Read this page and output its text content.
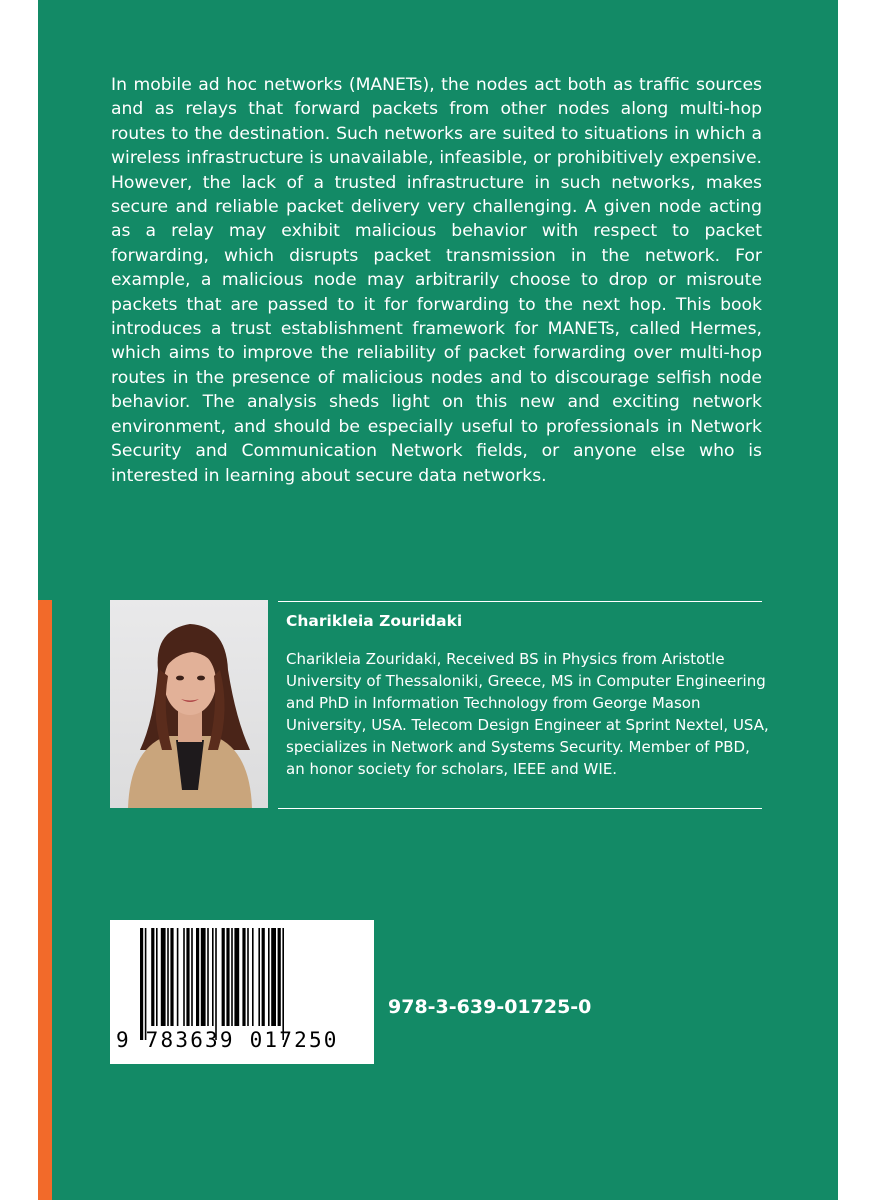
In mobile ad hoc networks (MANETs), the nodes act both as traffic sources and as relays that forward packets from other nodes along multi-hop routes to the destination. Such networks are suited to situations in which a wireless infrastructure is unavailable, infeasible, or prohibitively expensive. However, the lack of a trusted infrastructure in such networks, makes secure and reliable packet delivery very challenging. A given node acting as a relay may exhibit malicious behavior with respect to packet forwarding, which disrupts packet transmission in the network. For example, a malicious node may arbitrarily choose to drop or misroute packets that are passed to it for forwarding to the next hop. This book introduces a trust establishment framework for MANETs, called Hermes, which aims to improve the reliability of packet forwarding over multi-hop routes in the presence of malicious nodes and to discourage selfish node behavior. The analysis sheds light on this new and exciting network environment, and should be especially useful to professionals in Network Security and Communication Network fields, or anyone else who is interested in learning about secure data networks.

Charikleia Zouridaki

Charikleia Zouridaki, Received BS in Physics from Aristotle University of Thessaloniki, Greece, MS in Computer Engineering and PhD in Information Technology from George Mason University, USA. Telecom Design Engineer at Sprint Nextel, USA, specializes in Network and Systems Security. Member of PBD, an honor society for scholars, IEEE and WIE.

9 783639 017250
978-3-639-01725-0
